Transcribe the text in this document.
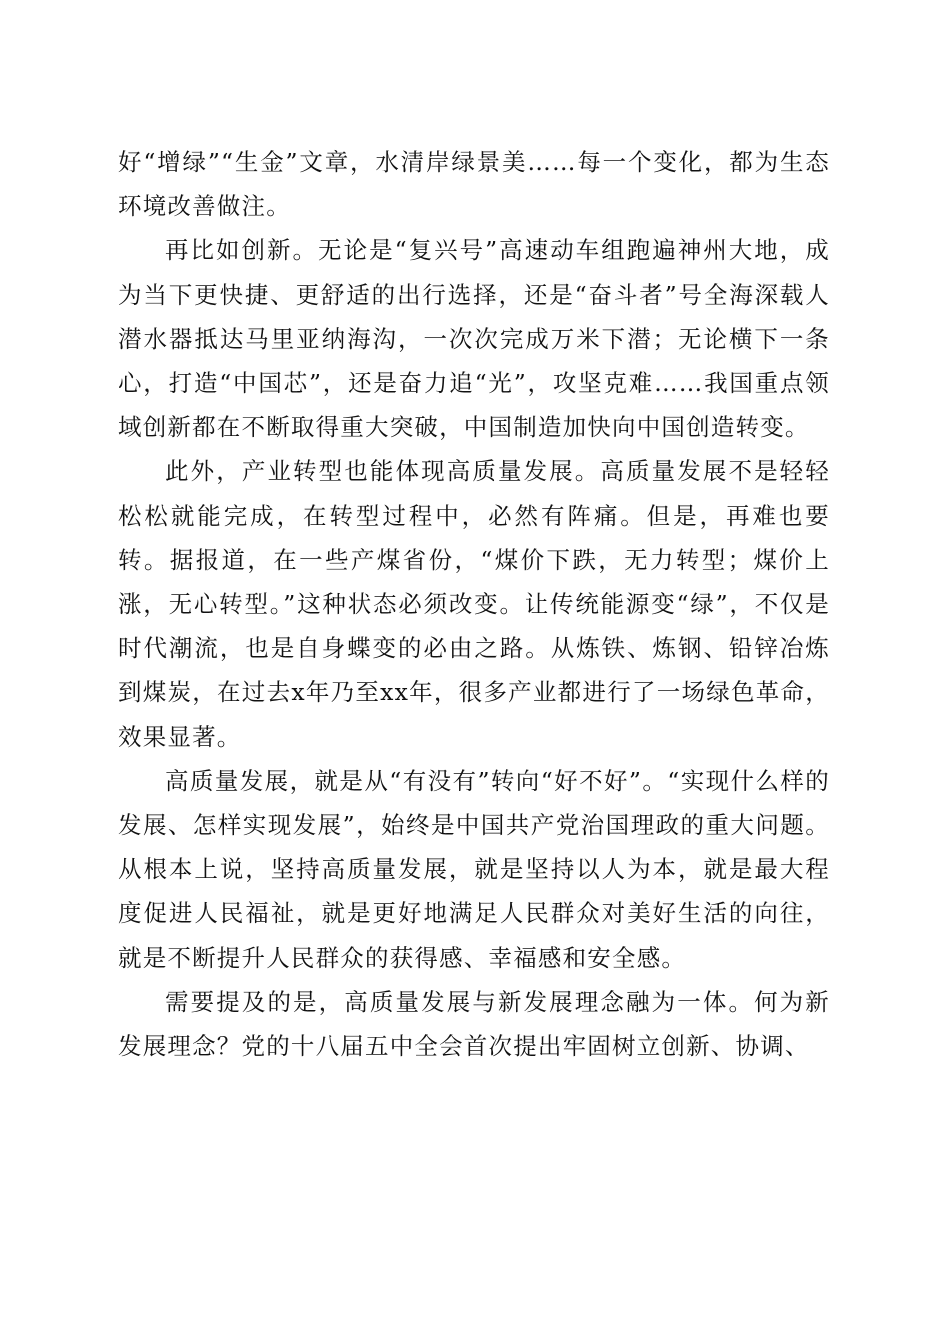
好“增绿”“生金”文章，水清岸绿景美……每一个变化，都为生态环境改善做注。

再比如创新。无论是“复兴号”高速动车组跑遍神州大地，成为当下更快捷、更舒适的出行选择，还是“奋斗者”号全海深载人潜水器抵达马里亚纳海沟，一次次完成万米下潜；无论横下一条心，打造“中国芯”，还是奋力追“光”，攻坚克难……我国重点领域创新都在不断取得重大突破，中国制造加快向中国创造转变。

此外，产业转型也能体现高质量发展。高质量发展不是轻轻松松就能完成，在转型过程中，必然有阵痛。但是，再难也要转。据报道，在一些产煤省份，“煤价下跌，无力转型；煤价上涨，无心转型。”这种状态必须改变。让传统能源变“绿”，不仅是时代潮流，也是自身蝶变的必由之路。从炼铁、炼钢、铅锌冶炼到煤炭，在过去x年乃至xx年，很多产业都进行了一场绿色革命，效果显著。

高质量发展，就是从“有没有”转向“好不好”。“实现什么样的发展、怎样实现发展”，始终是中国共产党治国理政的重大问题。从根本上说，坚持高质量发展，就是坚持以人为本，就是最大程度促进人民福祉，就是更好地满足人民群众对美好生活的向往，就是不断提升人民群众的获得感、幸福感和安全感。

需要提及的是，高质量发展与新发展理念融为一体。何为新发展理念？党的十八届五中全会首次提出牢固树立创新、协调、
